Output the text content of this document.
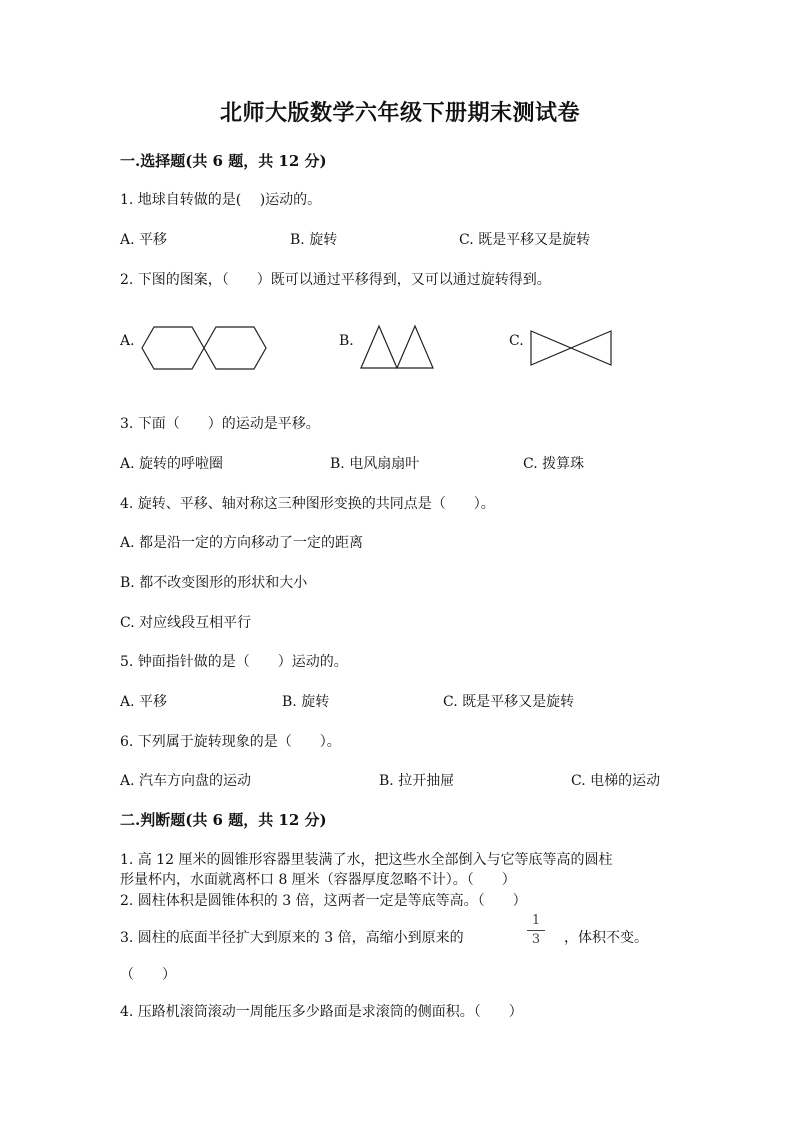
北师大版数学六年级下册期末测试卷
一.选择题(共 6 题，共 12 分)
1. 地球自转做的是(　 )运动的。
A. 平移	B. 旋转	C. 既是平移又是旋转
2. 下图的图案，（　　）既可以通过平移得到，又可以通过旋转得到。
A.	B.	C.
3. 下面（　　）的运动是平移。
A. 旋转的呼啦圈	B. 电风扇扇叶	C. 拨算珠
4. 旋转、平移、轴对称这三种图形变换的共同点是（　　）。
A. 都是沿一定的方向移动了一定的距离
B. 都不改变图形的形状和大小
C. 对应线段互相平行
5. 钟面指针做的是（　　）运动的。
A. 平移	B. 旋转	C. 既是平移又是旋转
6. 下列属于旋转现象的是（　　）。
A. 汽车方向盘的运动	B. 拉开抽屉	C. 电梯的运动
二.判断题(共 6 题，共 12 分)
1. 高 12 厘米的圆锥形容器里装满了水，把这些水全部倒入与它等底等高的圆柱
形量杯内，水面就离杯口 8 厘米（容器厚度忽略不计）。（　　）
2. 圆柱体积是圆锥体积的 3 倍，这两者一定是等底等高。（　　）
3. 圆柱的底面半径扩大到原来的 3 倍，高缩小到原来的
1
3	，体积不变。
（　　）
4. 压路机滚筒滚动一周能压多少路面是求滚筒的侧面积。（　　）
